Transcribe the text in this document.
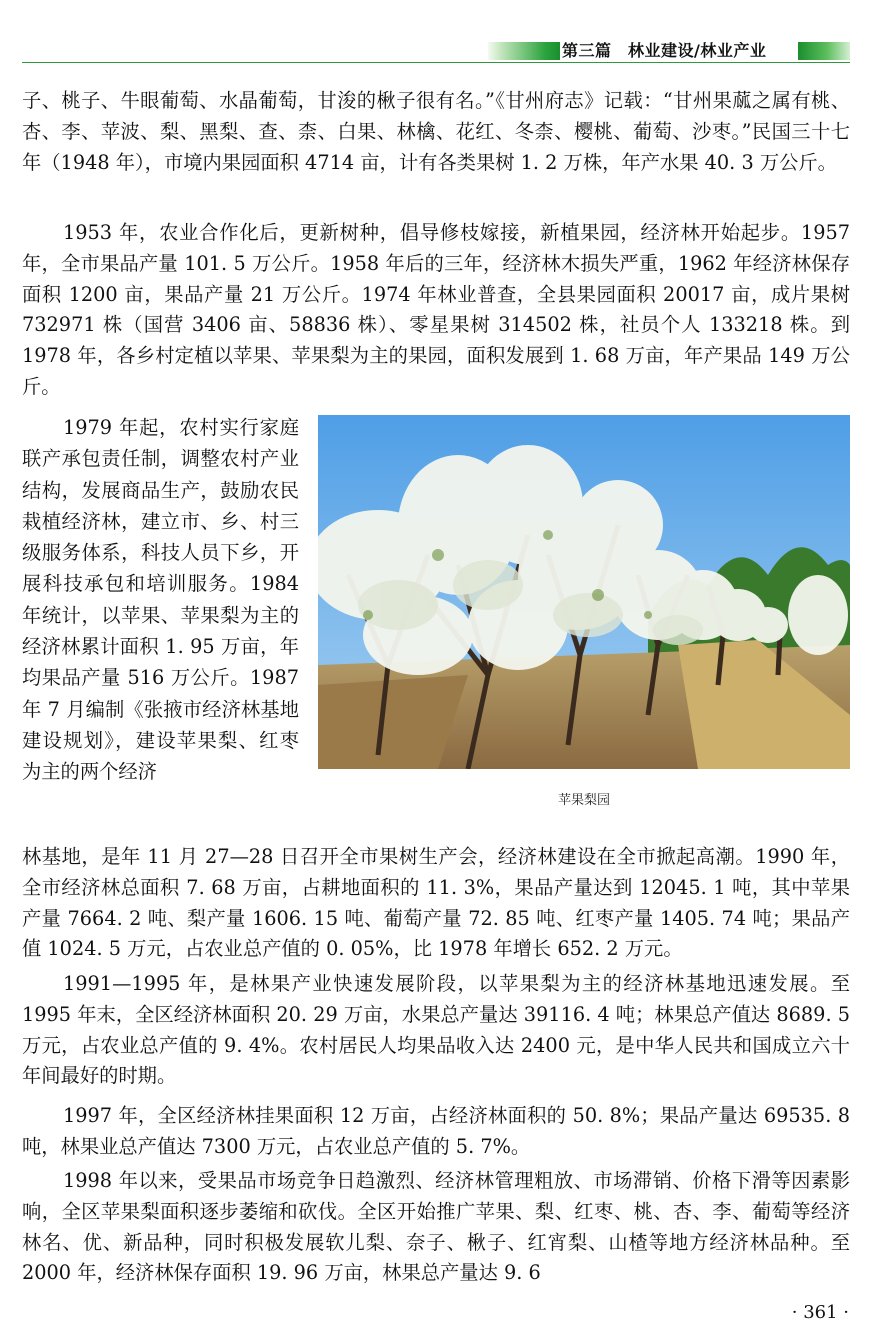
第三篇　林业建设/林业产业
子、桃子、牛眼葡萄、水晶葡萄，甘浚的楸子很有名。”《甘州府志》记载：“甘州果蓏之属有桃、杏、李、苹波、梨、黑梨、查、柰、白果、林檎、花红、冬柰、樱桃、葡萄、沙枣。”民国三十七年（1948 年），市境内果园面积 4714 亩，计有各类果树 1. 2 万株，年产水果 40. 3 万公斤。
1953 年，农业合作化后，更新树种，倡导修枝嫁接，新植果园，经济林开始起步。1957 年，全市果品产量 101. 5 万公斤。1958 年后的三年，经济林木损失严重，1962 年经济林保存面积 1200 亩，果品产量 21 万公斤。1974 年林业普查，全县果园面积 20017 亩，成片果树 732971 株（国营 3406 亩、58836 株）、零星果树 314502 株，社员个人 133218 株。到 1978 年，各乡村定植以苹果、苹果梨为主的果园，面积发展到 1. 68 万亩，年产果品 149 万公斤。
1979 年起，农村实行家庭联产承包责任制，调整农村产业结构，发展商品生产，鼓励农民栽植经济林，建立市、乡、村三级服务体系，科技人员下乡，开展科技承包和培训服务。1984 年统计，以苹果、苹果梨为主的经济林累计面积 1. 95 万亩，年均果品产量 516 万公斤。1987 年 7 月编制《张掖市经济林基地建设规划》，建设苹果梨、红枣为主的两个经济
苹果梨园
林基地，是年 11 月 27—28 日召开全市果树生产会，经济林建设在全市掀起高潮。1990 年，全市经济林总面积 7. 68 万亩，占耕地面积的 11. 3%，果品产量达到 12045. 1 吨，其中苹果产量 7664. 2 吨、梨产量 1606. 15 吨、葡萄产量 72. 85 吨、红枣产量 1405. 74 吨；果品产值 1024. 5 万元，占农业总产值的 0. 05%，比 1978 年增长 652. 2 万元。
1991—1995 年，是林果产业快速发展阶段，以苹果梨为主的经济林基地迅速发展。至 1995 年末，全区经济林面积 20. 29 万亩，水果总产量达 39116. 4 吨；林果总产值达 8689. 5 万元，占农业总产值的 9. 4%。农村居民人均果品收入达 2400 元，是中华人民共和国成立六十年间最好的时期。
1997 年，全区经济林挂果面积 12 万亩，占经济林面积的 50. 8%；果品产量达 69535. 8 吨，林果业总产值达 7300 万元，占农业总产值的 5. 7%。
1998 年以来，受果品市场竞争日趋激烈、经济林管理粗放、市场滞销、价格下滑等因素影响，全区苹果梨面积逐步萎缩和砍伐。全区开始推广苹果、梨、红枣、桃、杏、李、葡萄等经济林名、优、新品种，同时积极发展软儿梨、奈子、楸子、红宵梨、山楂等地方经济林品种。至 2000 年，经济林保存面积 19. 96 万亩，林果总产量达 9. 6
· 361 ·
